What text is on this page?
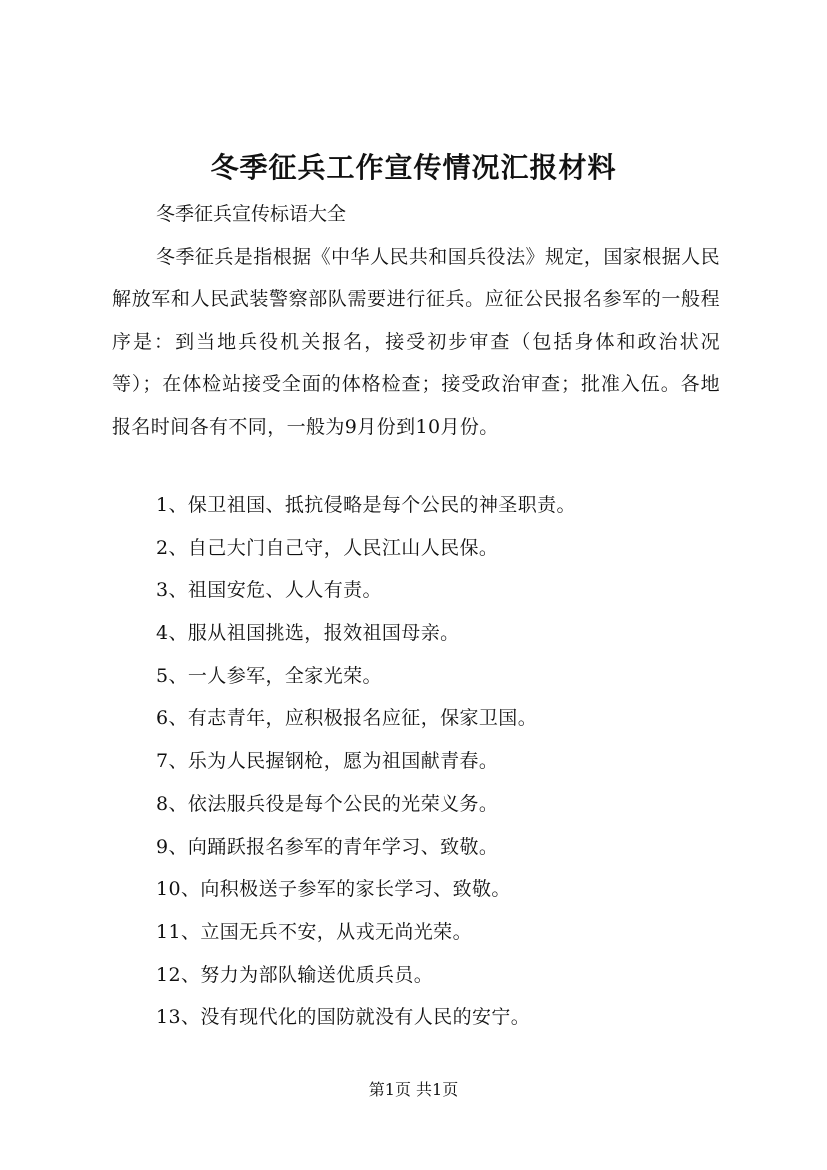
冬季征兵工作宣传情况汇报材料
冬季征兵宣传标语大全

冬季征兵是指根据《中华人民共和国兵役法》规定，国家根据人民解放军和人民武装警察部队需要进行征兵。应征公民报名参军的一般程序是：到当地兵役机关报名，接受初步审查（包括身体和政治状况等）；在体检站接受全面的体格检查；接受政治审查；批准入伍。各地报名时间各有不同，一般为9月份到10月份。

1、保卫祖国、抵抗侵略是每个公民的神圣职责。
2、自己大门自己守，人民江山人民保。
3、祖国安危、人人有责。
4、服从祖国挑选，报效祖国母亲。
5、一人参军，全家光荣。
6、有志青年，应积极报名应征，保家卫国。
7、乐为人民握钢枪，愿为祖国献青春。
8、依法服兵役是每个公民的光荣义务。
9、向踊跃报名参军的青年学习、致敬。
10、向积极送子参军的家长学习、致敬。
11、立国无兵不安，从戎无尚光荣。
12、努力为部队输送优质兵员。
13、没有现代化的国防就没有人民的安宁。
第1页 共1页
